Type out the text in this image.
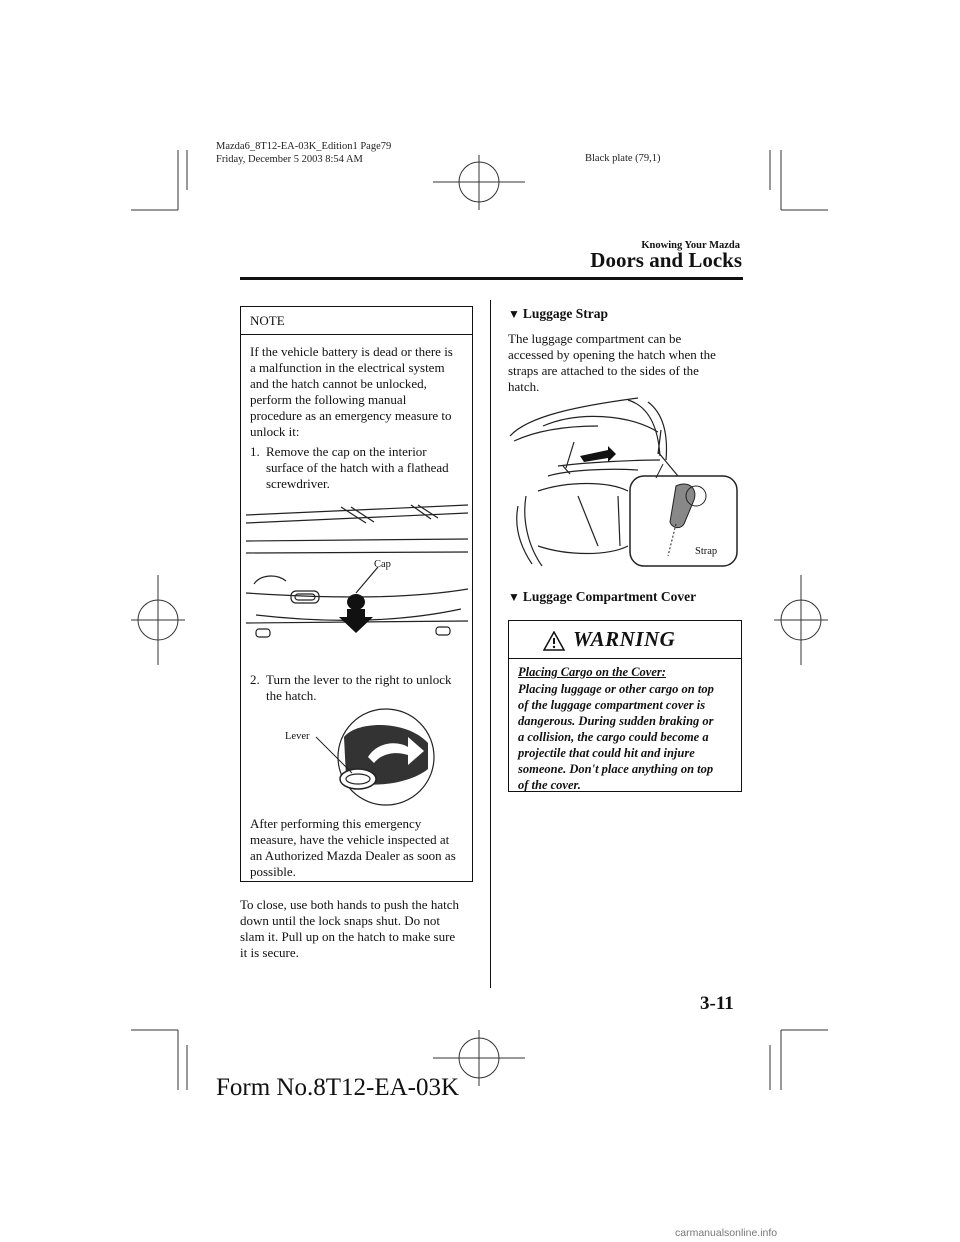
Mazda6_8T12-EA-03K_Edition1 Page79
Friday, December 5 2003 8:54 AM	Black plate (79,1)
Knowing Your Mazda
Doors and Locks
NOTE
If the vehicle battery is dead or there is
a malfunction in the electrical system
and the hatch cannot be unlocked,
perform the following manual
procedure as an emergency measure to
unlock it:
1. Remove the cap on the interior
surface of the hatch with a flathead
screwdriver.
Cap
2. Turn the lever to the right to unlock
the hatch.
Lever
After performing this emergency
measure, have the vehicle inspected at
an Authorized Mazda Dealer as soon as
possible.
To close, use both hands to push the hatch
down until the lock snaps shut. Do not
slam it. Pull up on the hatch to make sure
it is secure.
▼ Luggage Strap
The luggage compartment can be
accessed by opening the hatch when the
straps are attached to the sides of the
hatch.
Strap
▼ Luggage Compartment Cover
WARNING
Placing Cargo on the Cover:
Placing luggage or other cargo on top
of the luggage compartment cover is
dangerous. During sudden braking or
a collision, the cargo could become a
projectile that could hit and injure
someone. Don't place anything on top
of the cover.
3-11
Form No.8T12-EA-03K
carmanualsonline.info
